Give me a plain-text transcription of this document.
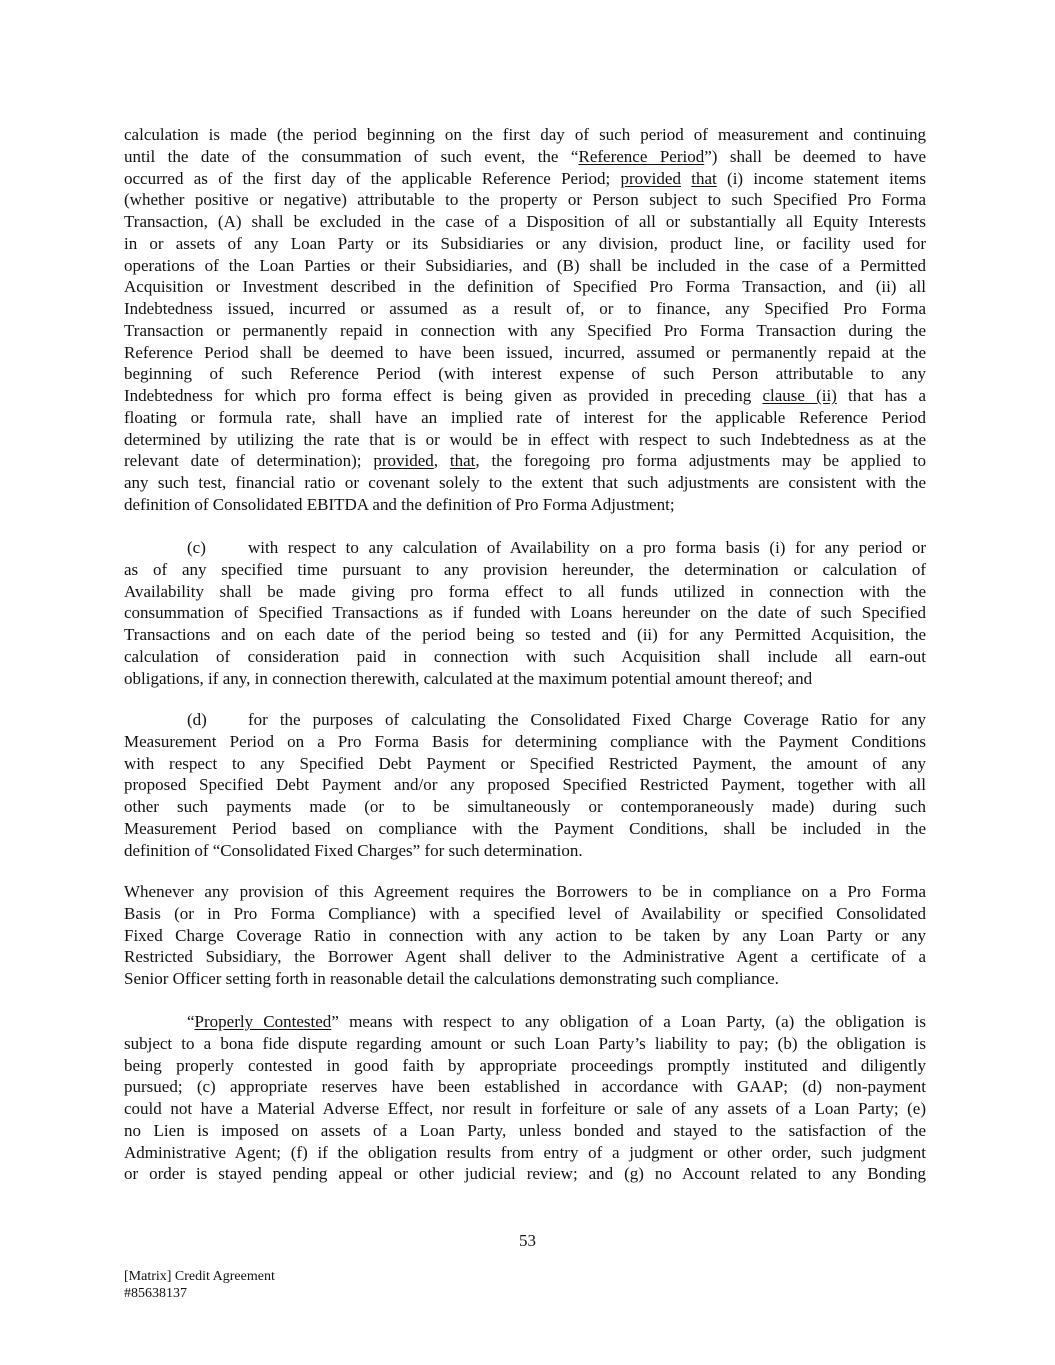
calculation is made (the period beginning on the first day of such period of measurement and continuing
until the date of the consummation of such event, the “Reference Period”) shall be deemed to have
occurred as of the first day of the applicable Reference Period; provided that (i) income statement items
(whether positive or negative) attributable to the property or Person subject to such Specified Pro Forma
Transaction, (A) shall be excluded in the case of a Disposition of all or substantially all Equity Interests
in or assets of any Loan Party or its Subsidiaries or any division, product line, or facility used for
operations of the Loan Parties or their Subsidiaries, and (B) shall be included in the case of a Permitted
Acquisition or Investment described in the definition of Specified Pro Forma Transaction, and (ii) all
Indebtedness issued, incurred or assumed as a result of, or to finance, any Specified Pro Forma
Transaction or permanently repaid in connection with any Specified Pro Forma Transaction during the
Reference Period shall be deemed to have been issued, incurred, assumed or permanently repaid at the
beginning of such Reference Period (with interest expense of such Person attributable to any
Indebtedness for which pro forma effect is being given as provided in preceding clause (ii) that has a
floating or formula rate, shall have an implied rate of interest for the applicable Reference Period
determined by utilizing the rate that is or would be in effect with respect to such Indebtedness as at the
relevant date of determination); provided, that, the foregoing pro forma adjustments may be applied to
any such test, financial ratio or covenant solely to the extent that such adjustments are consistent with the
definition of Consolidated EBITDA and the definition of Pro Forma Adjustment;
(c) with respect to any calculation of Availability on a pro forma basis (i) for any period or
as of any specified time pursuant to any provision hereunder, the determination or calculation of
Availability shall be made giving pro forma effect to all funds utilized in connection with the
consummation of Specified Transactions as if funded with Loans hereunder on the date of such Specified
Transactions and on each date of the period being so tested and (ii) for any Permitted Acquisition, the
calculation of consideration paid in connection with such Acquisition shall include all earn-out
obligations, if any, in connection therewith, calculated at the maximum potential amount thereof; and
(d) for the purposes of calculating the Consolidated Fixed Charge Coverage Ratio for any
Measurement Period on a Pro Forma Basis for determining compliance with the Payment Conditions
with respect to any Specified Debt Payment or Specified Restricted Payment, the amount of any
proposed Specified Debt Payment and/or any proposed Specified Restricted Payment, together with all
other such payments made (or to be simultaneously or contemporaneously made) during such
Measurement Period based on compliance with the Payment Conditions, shall be included in the
definition of “Consolidated Fixed Charges” for such determination.
Whenever any provision of this Agreement requires the Borrowers to be in compliance on a Pro Forma
Basis (or in Pro Forma Compliance) with a specified level of Availability or specified Consolidated
Fixed Charge Coverage Ratio in connection with any action to be taken by any Loan Party or any
Restricted Subsidiary, the Borrower Agent shall deliver to the Administrative Agent a certificate of a
Senior Officer setting forth in reasonable detail the calculations demonstrating such compliance.
“Properly Contested” means with respect to any obligation of a Loan Party, (a) the obligation is
subject to a bona fide dispute regarding amount or such Loan Party’s liability to pay; (b) the obligation is
being properly contested in good faith by appropriate proceedings promptly instituted and diligently
pursued; (c) appropriate reserves have been established in accordance with GAAP; (d) non-payment
could not have a Material Adverse Effect, nor result in forfeiture or sale of any assets of a Loan Party; (e)
no Lien is imposed on assets of a Loan Party, unless bonded and stayed to the satisfaction of the
Administrative Agent; (f) if the obligation results from entry of a judgment or other order, such judgment
or order is stayed pending appeal or other judicial review; and (g) no Account related to any Bonding
53
[Matrix] Credit Agreement
#85638137
